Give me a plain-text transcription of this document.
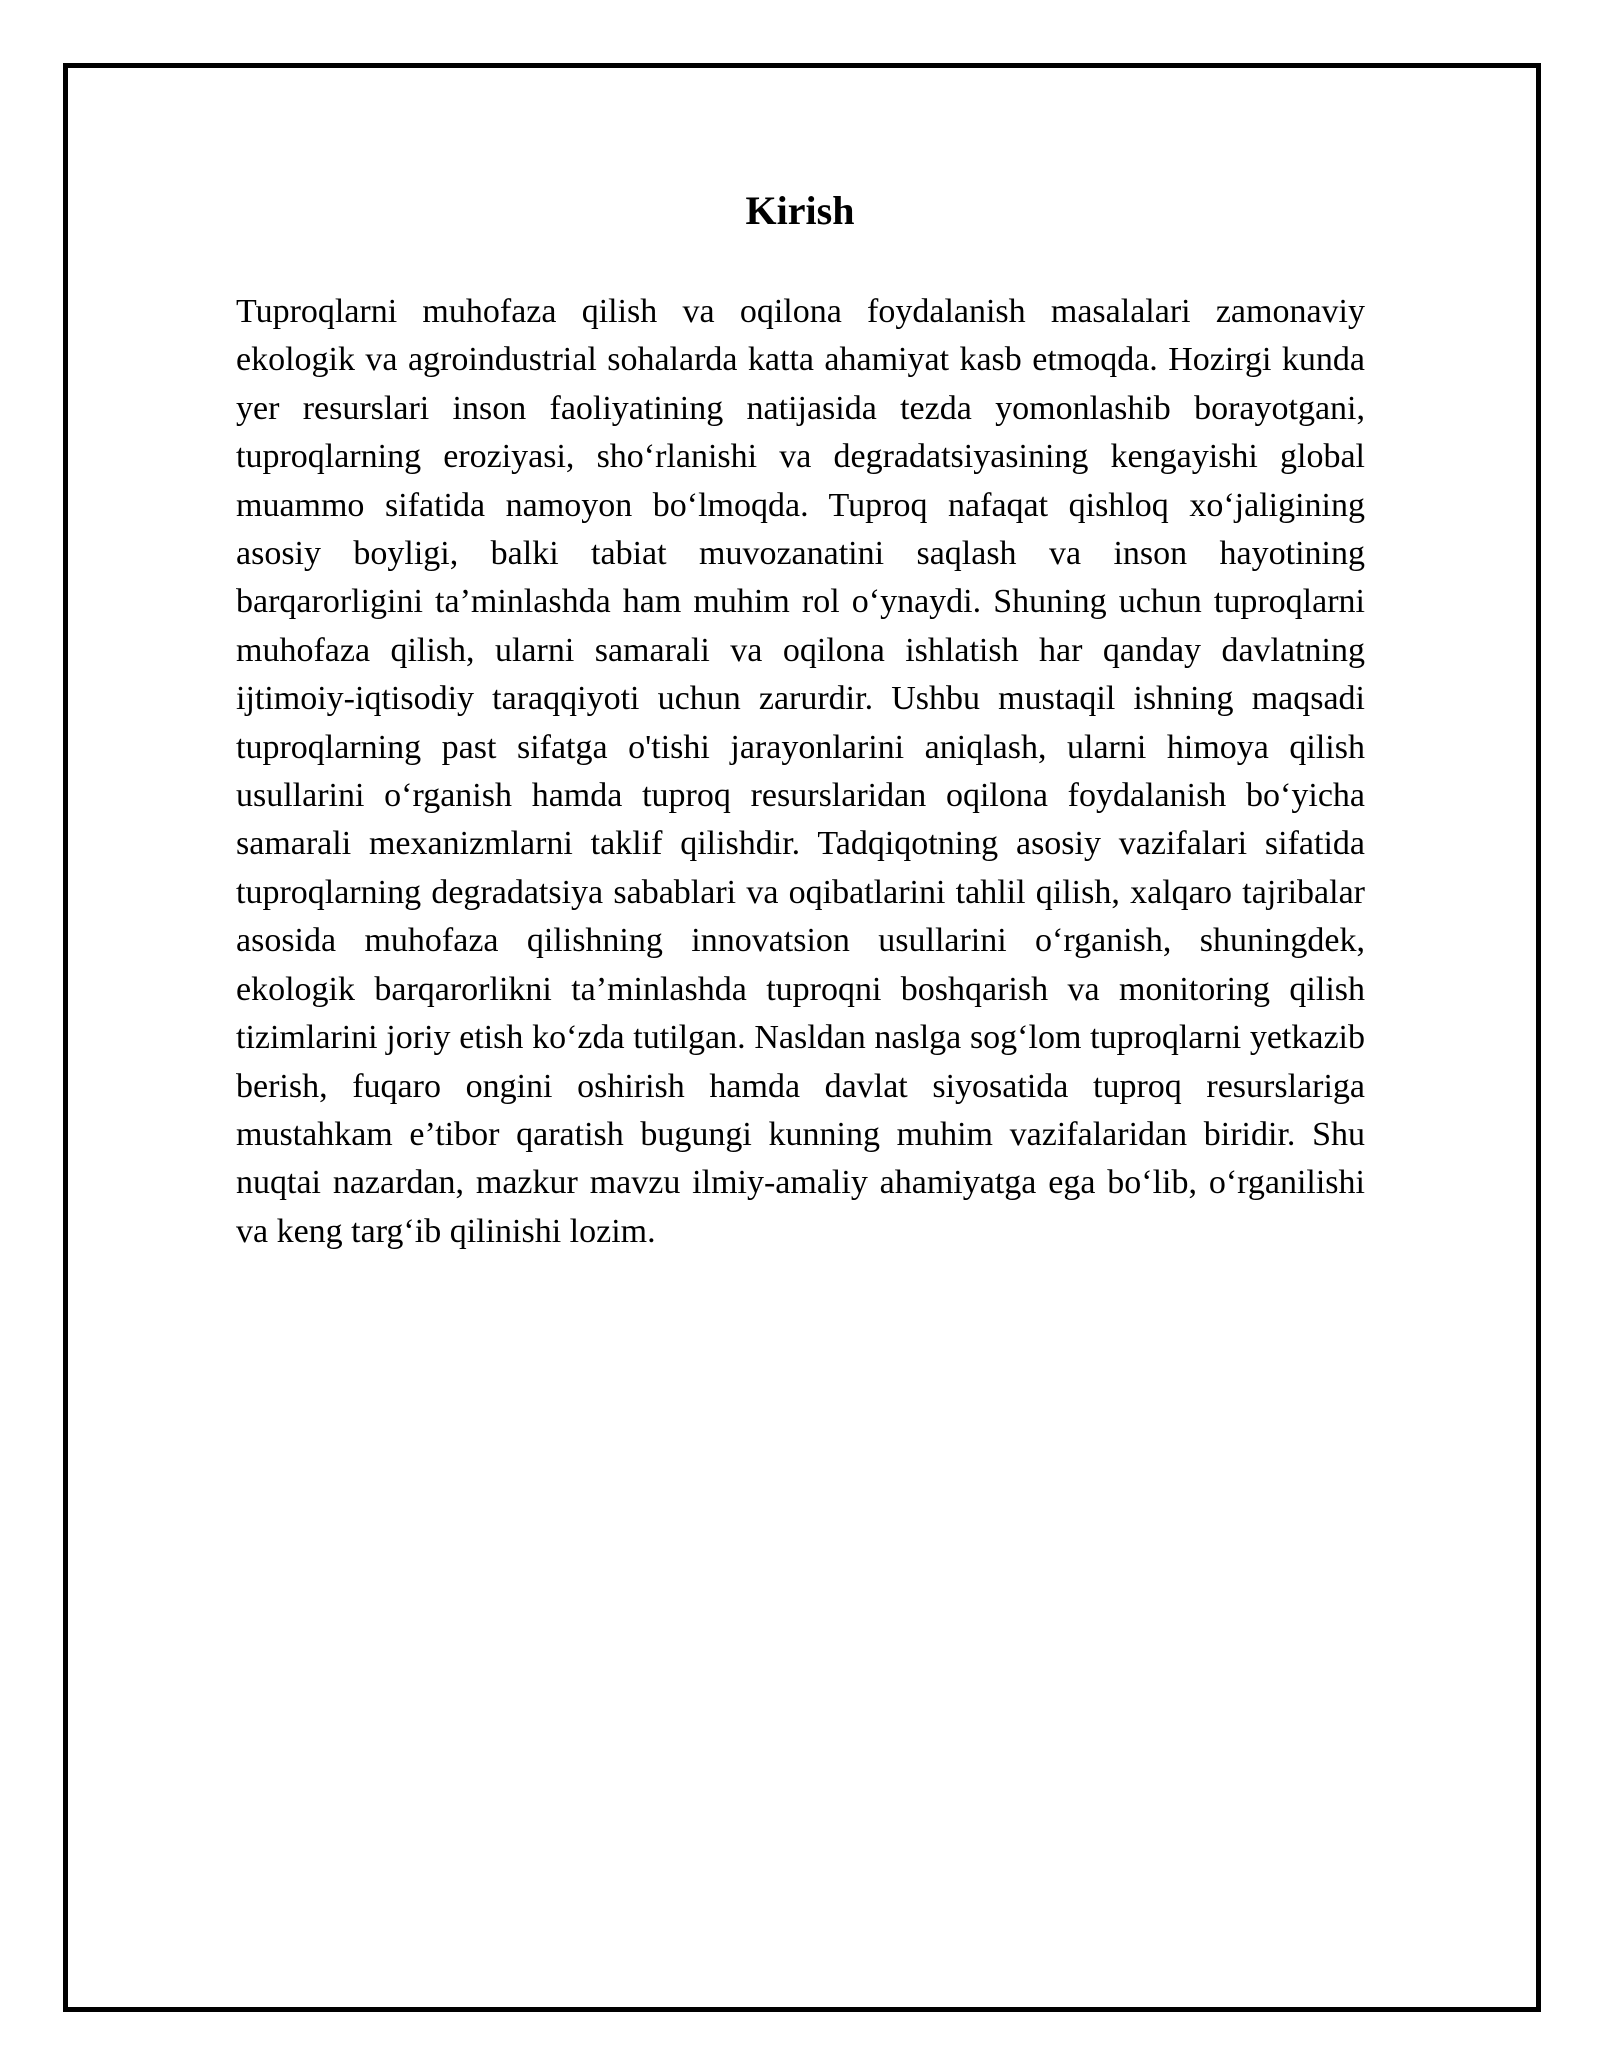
Kirish

Tuproqlarni muhofaza qilish va oqilona foydalanish masalalari zamonaviy ekologik va agroindustrial sohalarda katta ahamiyat kasb etmoqda. Hozirgi kunda yer resurslari inson faoliyatining natijasida tezda yomonlashib borayotgani, tuproqlarning eroziyasi, sho‘rlanishi va degradatsiyasining kengayishi global muammo sifatida namoyon bo‘lmoqda. Tuproq nafaqat qishloq xo‘jaligining asosiy boyligi, balki tabiat muvozanatini saqlash va inson hayotining barqarorligini ta’minlashda ham muhim rol o‘ynaydi. Shuning uchun tuproqlarni muhofaza qilish, ularni samarali va oqilona ishlatish har qanday davlatning ijtimoiy-iqtisodiy taraqqiyoti uchun zarurdir. Ushbu mustaqil ishning maqsadi tuproqlarning past sifatga o'tishi jarayonlarini aniqlash, ularni himoya qilish usullarini o‘rganish hamda tuproq resurslaridan oqilona foydalanish bo‘yicha samarali mexanizmlarni taklif qilishdir. Tadqiqotning asosiy vazifalari sifatida tuproqlarning degradatsiya sabablari va oqibatlarini tahlil qilish, xalqaro tajribalar asosida muhofaza qilishning innovatsion usullarini o‘rganish, shuningdek, ekologik barqarorlikni ta’minlashda tuproqni boshqarish va monitoring qilish tizimlarini joriy etish ko‘zda tutilgan. Nasldan naslga sog‘lom tuproqlarni yetkazib berish, fuqaro ongini oshirish hamda davlat siyosatida tuproq resurslariga mustahkam e’tibor qaratish bugungi kunning muhim vazifalaridan biridir. Shu nuqtai nazardan, mazkur mavzu ilmiy-amaliy ahamiyatga ega bo‘lib, o‘rganilishi va keng targ‘ib qilinishi lozim.
